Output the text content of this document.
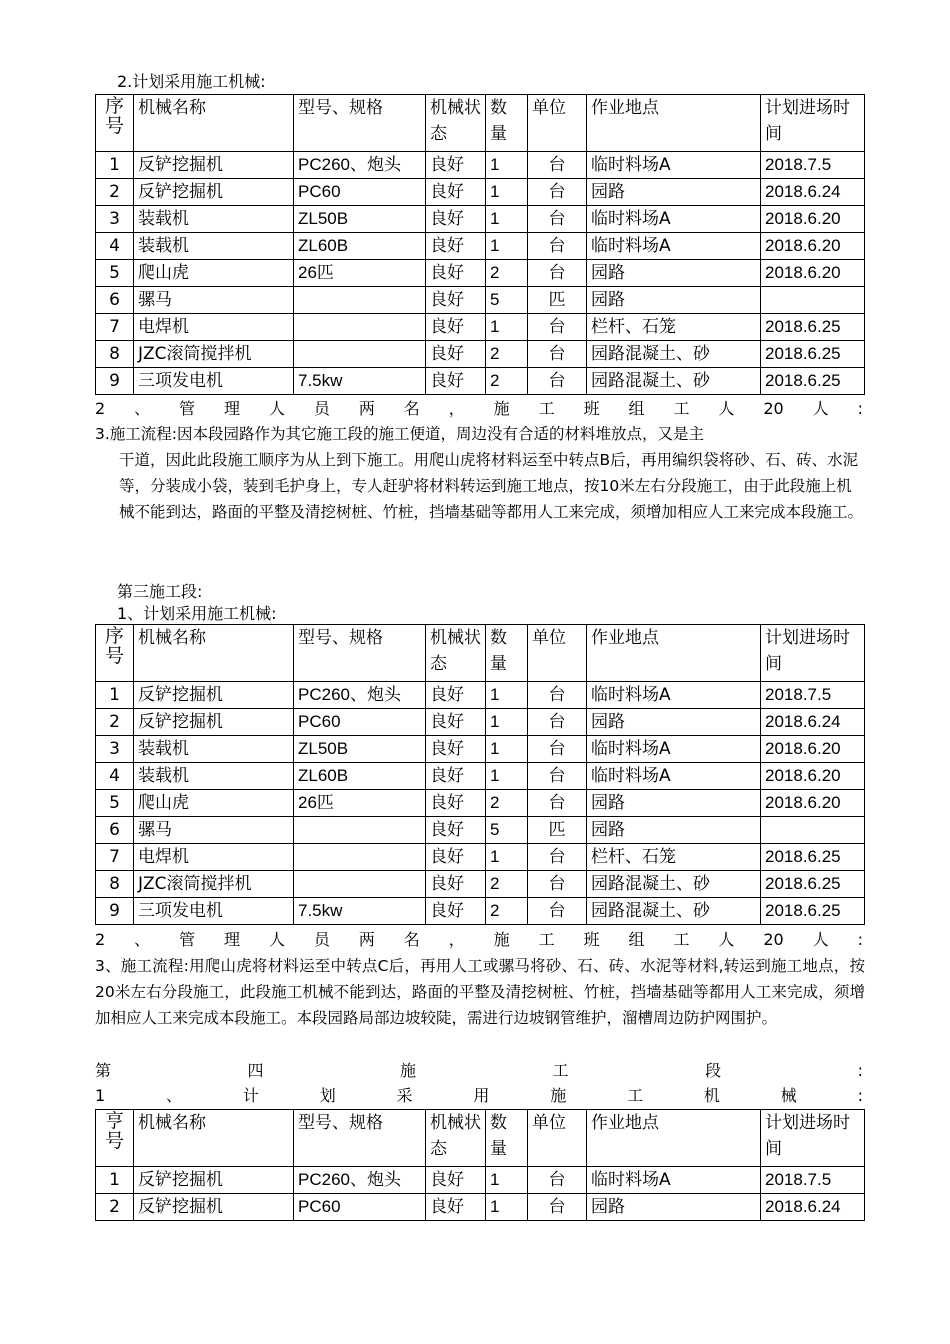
2.计划采用施工机械:
序号	机械名称	型号、规格	机械状态	数量	单位	作业地点	计划进场时间
1	反铲挖掘机	PC260、炮头	良好	1	台	临时料场A	2018.7.5
2	反铲挖掘机	PC60	良好	1	台	园路	2018.6.24
3	装载机	ZL50B	良好	1	台	临时料场A	2018.6.20
4	装载机	ZL60B	良好	1	台	临时料场A	2018.6.20
5	爬山虎	26匹	良好	2	台	园路	2018.6.20
6	骡马		良好	5	匹	园路	
7	电焊机		良好	1	台	栏杆、石笼	2018.6.25
8	JZC滚筒搅拌机		良好	2	台	园路混凝土、砂	2018.6.25
9	三项发电机	7.5kw	良好	2	台	园路混凝土、砂	2018.6.25
2、管理人员两名，施工班组工人20人:
3.施工流程:因本段园路作为其它施工段的施工便道，周边没有合适的材料堆放点，又是主
干道，因此此段施工顺序为从上到下施工。用爬山虎将材料运至中转点B后，再用编织袋将砂、石、砖、水泥等，分装成小袋，装到毛护身上，专人赶驴将材料转运到施工地点，按10米左右分段施工，由于此段施上机械不能到达，路面的平整及清挖树桩、竹桩，挡墙基础等都用人工来完成，须增加相应人工来完成本段施工。
第三施工段:
1、计划采用施工机械:
序号	机械名称	型号、规格	机械状态	数量	单位	作业地点	计划进场时间
1	反铲挖掘机	PC260、炮头	良好	1	台	临时料场A	2018.7.5
2	反铲挖掘机	PC60	良好	1	台	园路	2018.6.24
3	装载机	ZL50B	良好	1	台	临时料场A	2018.6.20
4	装载机	ZL60B	良好	1	台	临时料场A	2018.6.20
5	爬山虎	26匹	良好	2	台	园路	2018.6.20
6	骡马		良好	5	匹	园路	
7	电焊机		良好	1	台	栏杆、石笼	2018.6.25
8	JZC滚筒搅拌机		良好	2	台	园路混凝土、砂	2018.6.25
9	三项发电机	7.5kw	良好	2	台	园路混凝土、砂	2018.6.25
2、管理人员两名，施工班组工人20人:
3、施工流程:用爬山虎将材料运至中转点C后，再用人工或骡马将砂、石、砖、水泥等材料,转运到施工地点，按20米左右分段施工，此段施工机械不能到达，路面的平整及清挖树桩、竹桩，挡墙基础等都用人工来完成，须增加相应人工来完成本段施工。本段园路局部边坡较陡，需进行边坡钢管维护，溜槽周边防护网围护。
第四施工段:
1、计划采用施工机械:
亨号	机械名称	型号、规格	机械状态	数量	单位	作业地点	计划进场时间
1	反铲挖掘机	PC260、炮头	良好	1	台	临时料场A	2018.7.5
2	反铲挖掘机	PC60	良好	1	台	园路	2018.6.24
